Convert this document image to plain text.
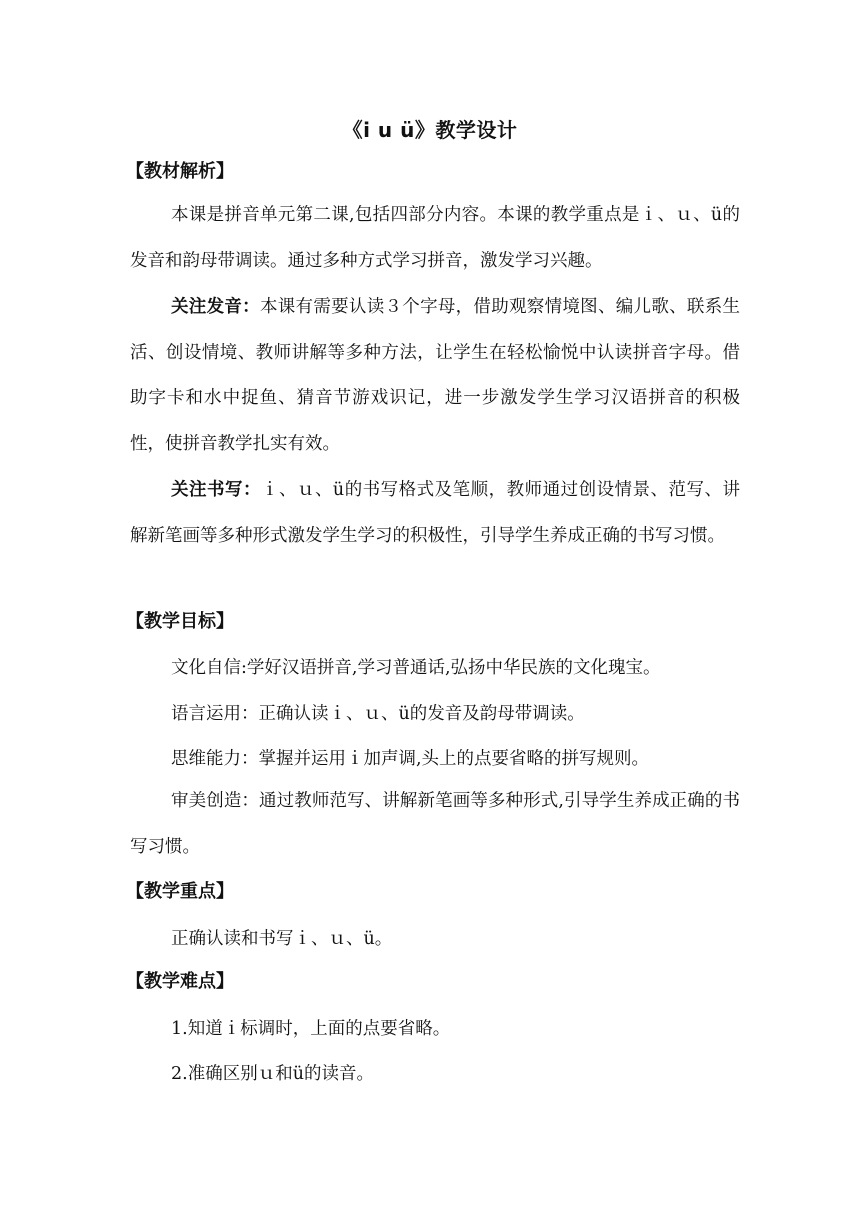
《i u ü》教学设计
【教材解析】
本课是拼音单元第二课,包括四部分内容。本课的教学重点是ｉ、ｕ、ü的发音和韵母带调读。通过多种方式学习拼音，激发学习兴趣。
关注发音：本课有需要认读３个字母，借助观察情境图、编儿歌、联系生活、创设情境、教师讲解等多种方法，让学生在轻松愉悦中认读拼音字母。借助字卡和水中捉鱼、猜音节游戏识记，进一步激发学生学习汉语拼音的积极性，使拼音教学扎实有效。
关注书写：ｉ、ｕ、ü的书写格式及笔顺，教师通过创设情景、范写、讲解新笔画等多种形式激发学生学习的积极性，引导学生养成正确的书写习惯。
【教学目标】
文化自信:学好汉语拼音,学习普通话,弘扬中华民族的文化瑰宝。
语言运用：正确认读ｉ、ｕ、ü的发音及韵母带调读。
思维能力：掌握并运用ｉ加声调,头上的点要省略的拼写规则。
审美创造：通过教师范写、讲解新笔画等多种形式,引导学生养成正确的书写习惯。
【教学重点】
正确认读和书写ｉ、ｕ、ü。
【教学难点】
1.知道ｉ标调时，上面的点要省略。
2.准确区别ｕ和ü的读音。
